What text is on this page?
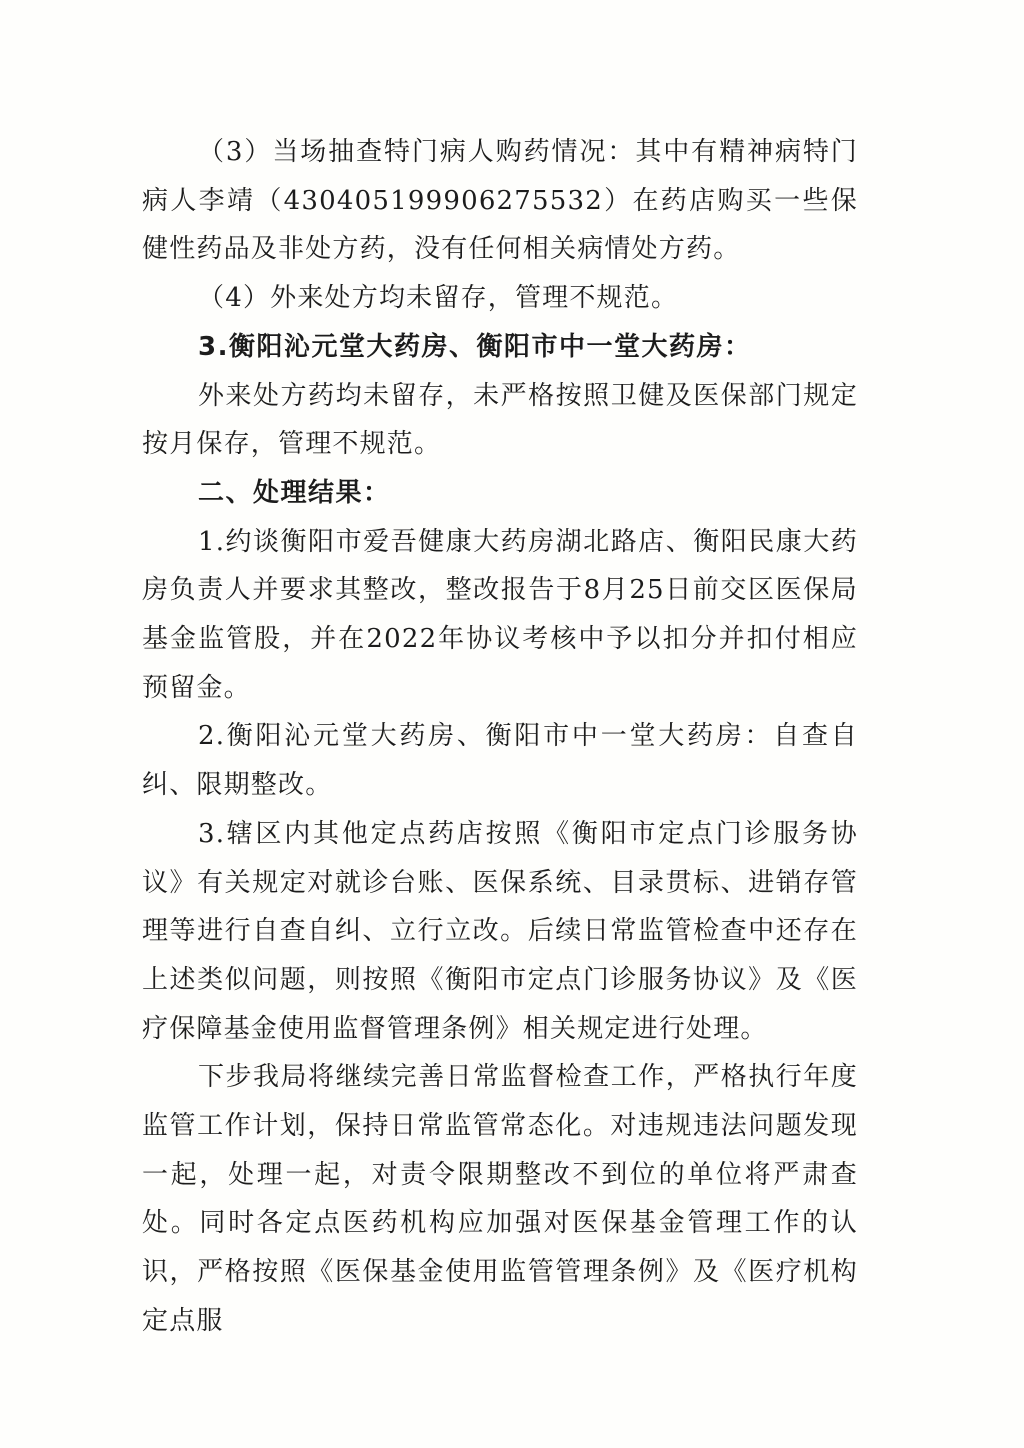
（3）当场抽查特门病人购药情况：其中有精神病特门病人李靖（430405199906275532）在药店购买一些保健性药品及非处方药，没有任何相关病情处方药。

（4）外来处方均未留存，管理不规范。

3.衡阳沁元堂大药房、衡阳市中一堂大药房：

外来处方药均未留存，未严格按照卫健及医保部门规定按月保存，管理不规范。

二、处理结果：

1.约谈衡阳市爱吾健康大药房湖北路店、衡阳民康大药房负责人并要求其整改，整改报告于8月25日前交区医保局基金监管股，并在2022年协议考核中予以扣分并扣付相应预留金。

2.衡阳沁元堂大药房、衡阳市中一堂大药房：自查自纠、限期整改。

3.辖区内其他定点药店按照《衡阳市定点门诊服务协议》有关规定对就诊台账、医保系统、目录贯标、进销存管理等进行自查自纠、立行立改。后续日常监管检查中还存在上述类似问题，则按照《衡阳市定点门诊服务协议》及《医疗保障基金使用监督管理条例》相关规定进行处理。

下步我局将继续完善日常监督检查工作，严格执行年度监管工作计划，保持日常监管常态化。对违规违法问题发现一起，处理一起，对责令限期整改不到位的单位将严肃查处。同时各定点医药机构应加强对医保基金管理工作的认识，严格按照《医保基金使用监管管理条例》及《医疗机构定点服
